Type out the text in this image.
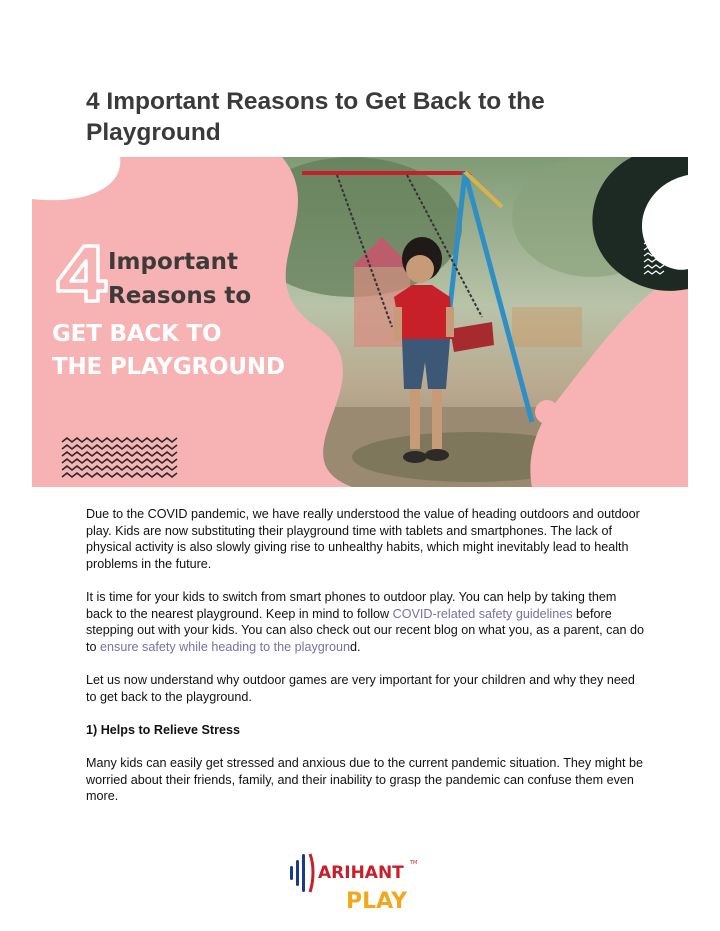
4 Important Reasons to Get Back to the Playground
Important
Reasons to
GET BACK TO
THE PLAYGROUND

Due to the COVID pandemic, we have really understood the value of heading outdoors and outdoor play. Kids are now substituting their playground time with tablets and smartphones. The lack of physical activity is also slowly giving rise to unhealthy habits, which might inevitably lead to health problems in the future.

It is time for your kids to switch from smart phones to outdoor play. You can help by taking them back to the nearest playground. Keep in mind to follow COVID-related safety guidelines before stepping out with your kids. You can also check out our recent blog on what you, as a parent, can do to ensure safety while heading to the playground.

Let us now understand why outdoor games are very important for your children and why they need to get back to the playground.

1) Helps to Relieve Stress

Many kids can easily get stressed and anxious due to the current pandemic situation. They might be worried about their friends, family, and their inability to grasp the pandemic can confuse them even more.

ARIHANT TM
PLAY
